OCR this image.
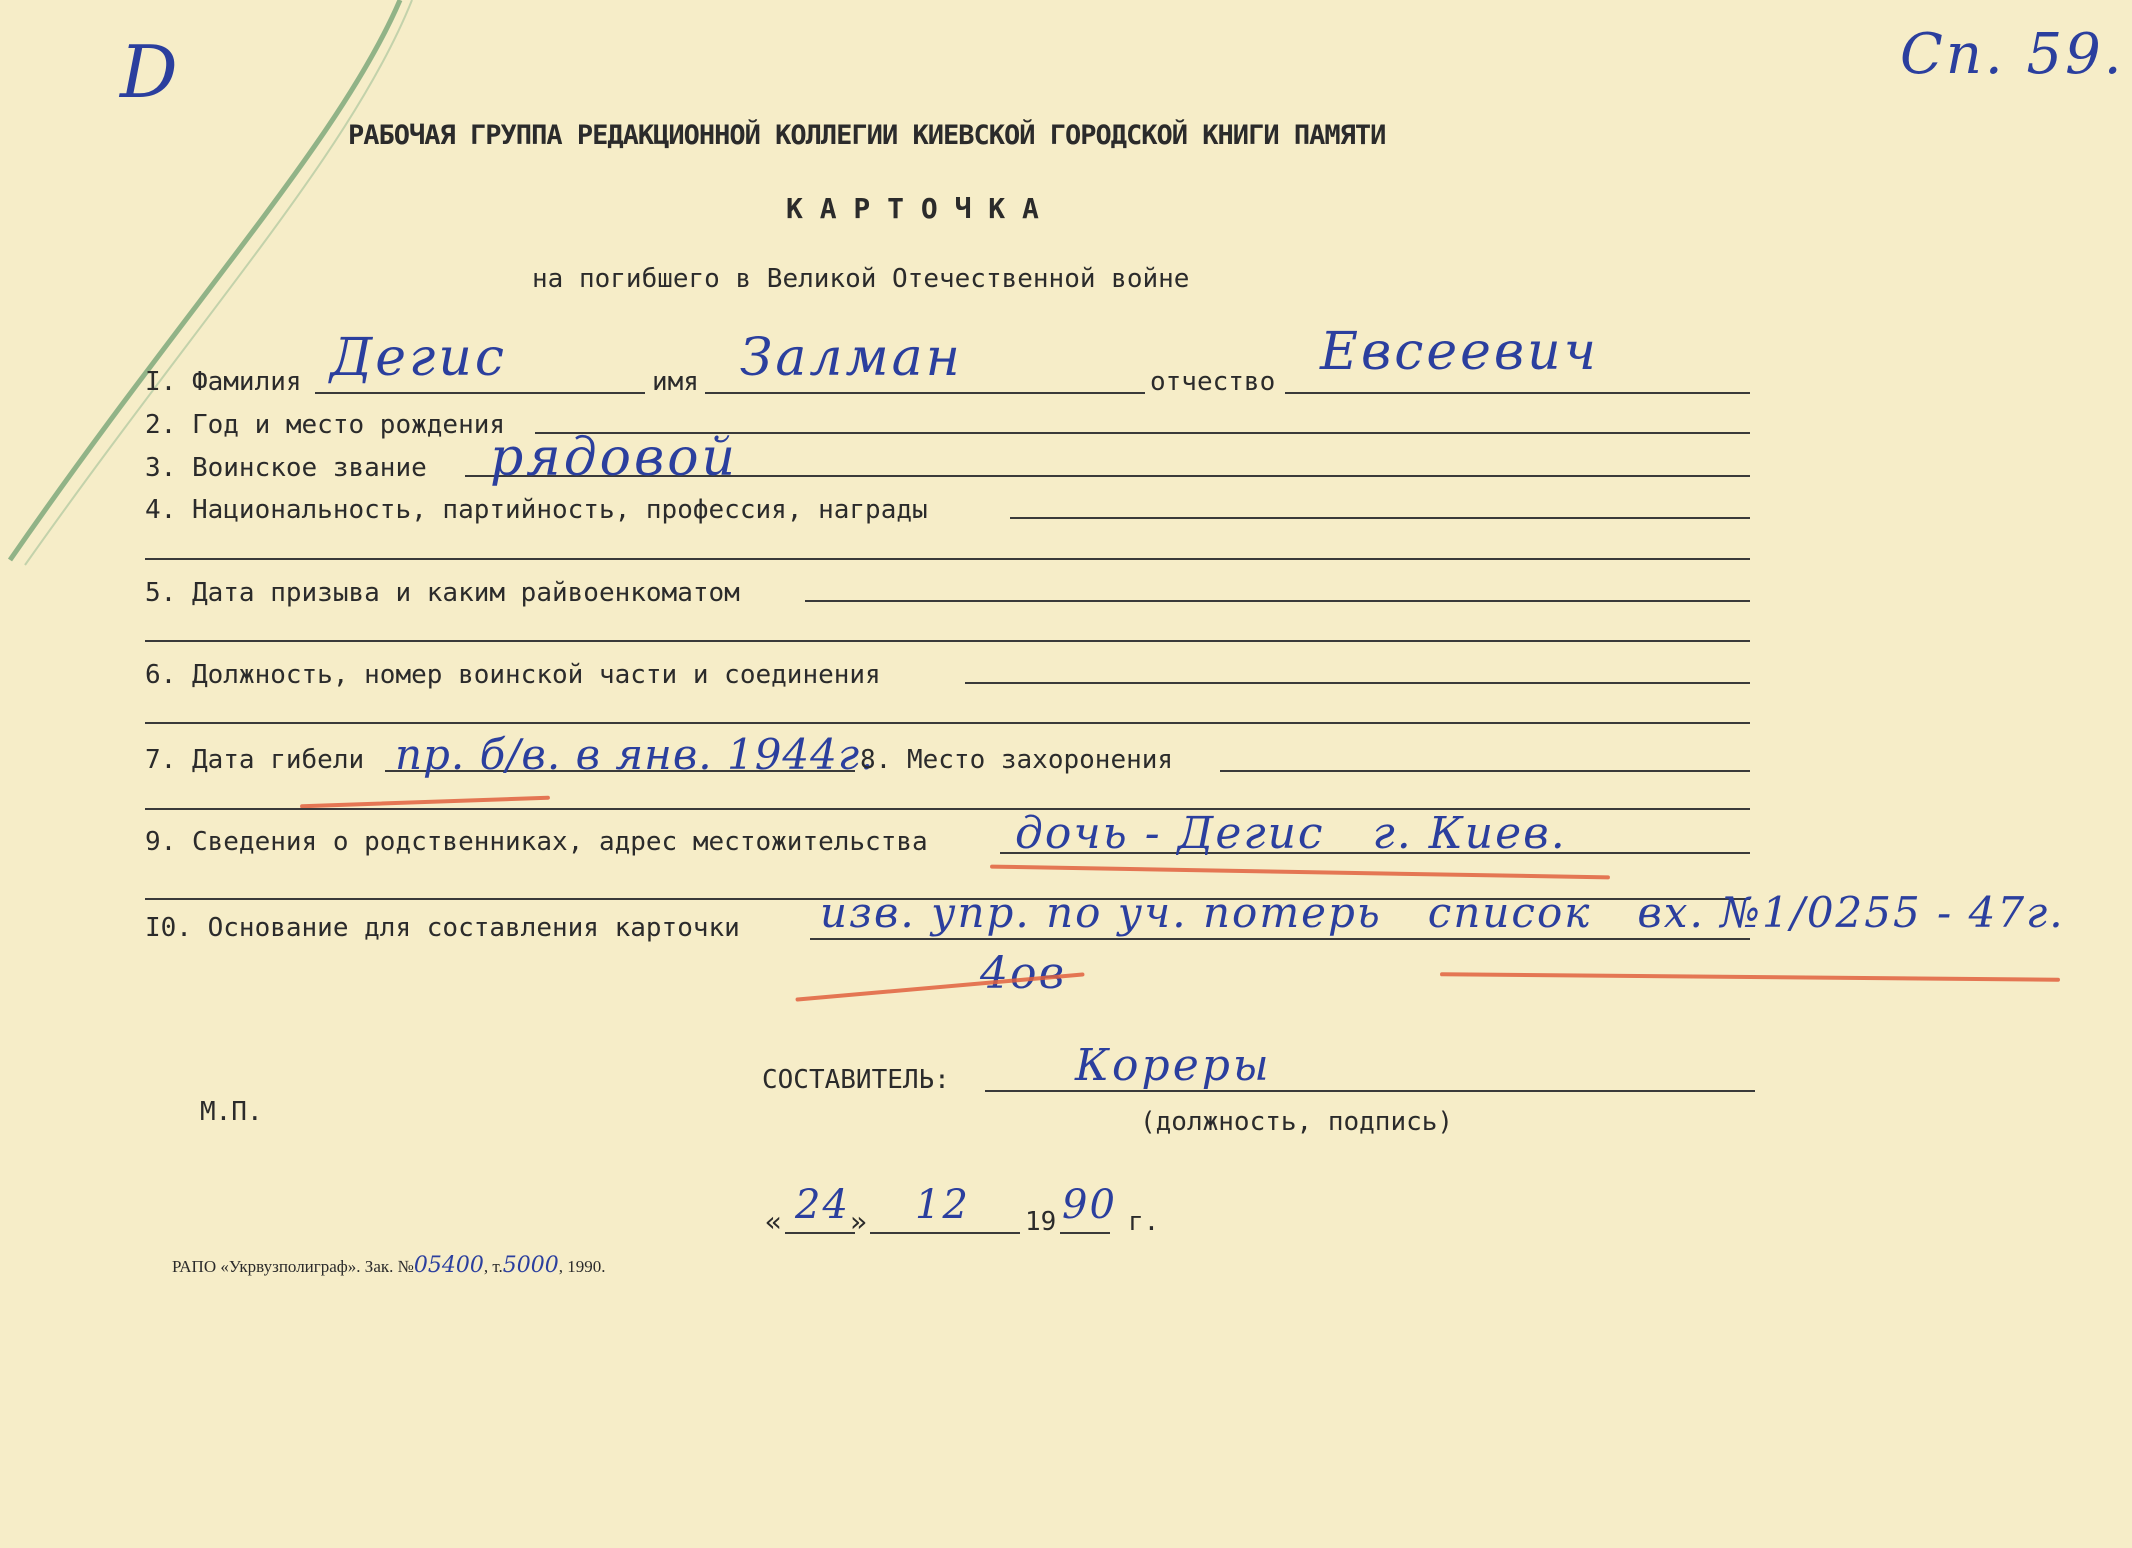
D	Сп. 59.
РАБОЧАЯ ГРУППА РЕДАКЦИОННОЙ КОЛЛЕГИИ КИЕВСКОЙ ГОРОДСКОЙ КНИГИ ПАМЯТИ
К А Р Т О Ч К А
на погибшего в Великой Отечественной войне
I. Фамилия Дегис	имя Залман	отчество Евсеевич
2. Год и место рождения
3. Воинское звание рядовой
4. Национальность, партийность, профессия, награды
5. Дата призыва и каким райвоенкоматом
6. Должность, номер воинской части и соединения
7. Дата гибели пр. б/в. в янв. 1944г.
8. Место захоронения
9. Сведения о родственниках, адрес местожительства дочь - Дегис   г. Киев.
I0. Основание для составления карточки изв. упр. по уч. потерь   список   вх. №1/0255 - 47г.
4ов
СОСТАВИТЕЛЬ:	Кореры
М.П.	(должность, подпись)
« 24 » 12 19 90 г.
РАПО «Укрвузполиграф». Зак. №05400, т.5000, 1990.
